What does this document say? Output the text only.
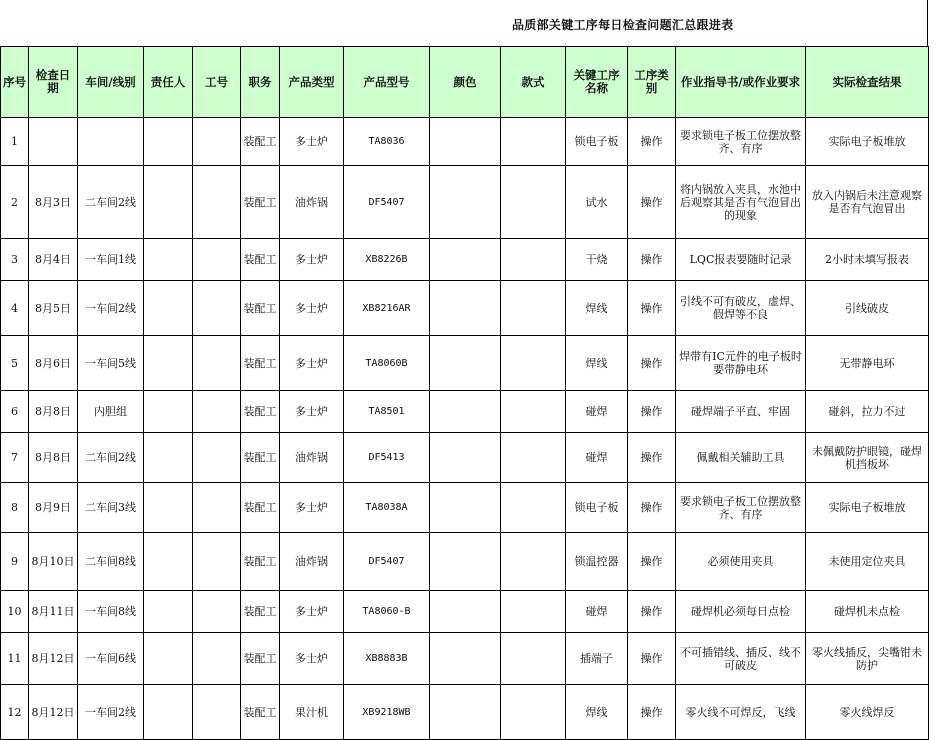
品质部关键工序每日检查问题汇总跟进表
序号	检查日期	车间/线别	责任人	工号	职务	产品类型	产品型号	颜色	款式	关键工序名称	工序类别	作业指导书/或作业要求	实际检查结果
1					装配工	多士炉	TA8036			锁电子板	操作	要求锁电子板工位摆放整齐、有序	实际电子板堆放
2	8月3日	二车间2线			装配工	油炸锅	DF5407			试水	操作	将内锅放入夹具，水池中后观察其是否有气泡冒出的现象	放入内锅后未注意观察是否有气泡冒出
3	8月4日	一车间1线			装配工	多士炉	XB8226B			干烧	操作	LQC报表要随时记录	2小时未填写报表
4	8月5日	一车间2线			装配工	多士炉	XB8216AR			焊线	操作	引线不可有破皮，虚焊、假焊等不良	引线破皮
5	8月6日	一车间5线			装配工	多士炉	TA8060B			焊线	操作	焊带有IC元件的电子板时要带静电环	无带静电环
6	8月8日	内胆组			装配工	多士炉	TA8501			碰焊	操作	碰焊端子平直、牢固	碰斜，拉力不过
7	8月8日	二车间2线			装配工	油炸锅	DF5413			碰焊	操作	佩戴相关辅助工具	未佩戴防护眼镜，碰焊机挡板坏
8	8月9日	二车间3线			装配工	多士炉	TA8038A			锁电子板	操作	要求锁电子板工位摆放整齐、有序	实际电子板堆放
9	8月10日	二车间8线			装配工	油炸锅	DF5407			锁温控器	操作	必须使用夹具	未使用定位夹具
10	8月11日	一车间8线			装配工	多士炉	TA8060-B			碰焊	操作	碰焊机必须每日点检	碰焊机未点检
11	8月12日	一车间6线			装配工	多士炉	XB8883B			插端子	操作	不可插错线、插反、线不可破皮	零火线插反，尖嘴钳未防护
12	8月12日	一车间2线			装配工	果汁机	XB9218WB			焊线	操作	零火线不可焊反，飞线	零火线焊反
